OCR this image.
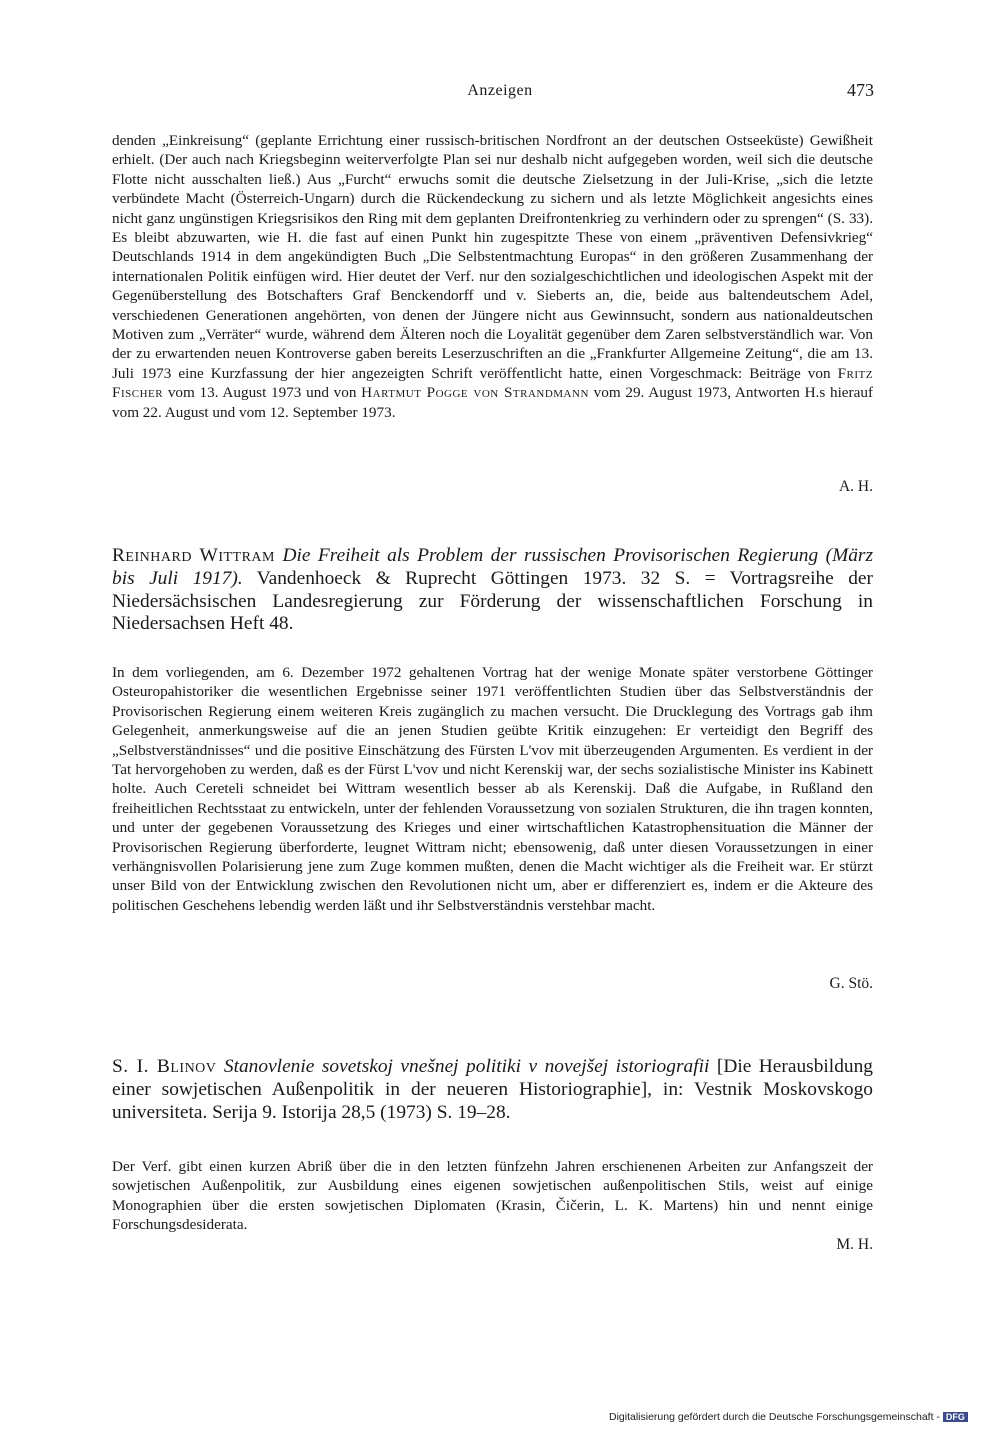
Anzeigen	473

denden „Einkreisung“ (geplante Errichtung einer russisch-britischen Nordfront an der deutschen Ostseeküste) Gewißheit erhielt. (Der auch nach Kriegsbeginn weiterverfolgte Plan sei nur deshalb nicht aufgegeben worden, weil sich die deutsche Flotte nicht ausschalten ließ.) Aus „Furcht“ erwuchs somit die deutsche Zielsetzung in der Juli-Krise, „sich die letzte verbündete Macht (Österreich-Ungarn) durch die Rückendeckung zu sichern und als letzte Möglichkeit angesichts eines nicht ganz ungünstigen Kriegsrisikos den Ring mit dem geplanten Dreifrontenkrieg zu verhindern oder zu sprengen“ (S. 33). Es bleibt abzuwarten, wie H. die fast auf einen Punkt hin zugespitzte These von einem „präventiven Defensivkrieg“ Deutschlands 1914 in dem angekündigten Buch „Die Selbstentmachtung Europas“ in den größeren Zusammenhang der internationalen Politik einfügen wird. Hier deutet der Verf. nur den sozialgeschichtlichen und ideologischen Aspekt mit der Gegenüberstellung des Botschafters Graf Benckendorff und v. Sieberts an, die, beide aus baltendeutschem Adel, verschiedenen Generationen angehörten, von denen der Jüngere nicht aus Gewinnsucht, sondern aus nationaldeutschen Motiven zum „Verräter“ wurde, während dem Älteren noch die Loyalität gegenüber dem Zaren selbstverständlich war. Von der zu erwartenden neuen Kontroverse gaben bereits Leserzuschriften an die „Frankfurter Allgemeine Zeitung“, die am 13. Juli 1973 eine Kurzfassung der hier angezeigten Schrift veröffentlicht hatte, einen Vorgeschmack: Beiträge von Fritz Fischer vom 13. August 1973 und von Hartmut Pogge von Strandmann vom 29. August 1973, Antworten H.s hierauf vom 22. August und vom 12. September 1973.

A. H.

Reinhard Wittram Die Freiheit als Problem der russischen Provisorischen Regierung (März bis Juli 1917). Vandenhoeck & Ruprecht Göttingen 1973. 32 S. = Vortragsreihe der Niedersächsischen Landesregierung zur Förderung der wissenschaftlichen Forschung in Niedersachsen Heft 48.

In dem vorliegenden, am 6. Dezember 1972 gehaltenen Vortrag hat der wenige Monate später verstorbene Göttinger Osteuropahistoriker die wesentlichen Ergebnisse seiner 1971 veröffentlichten Studien über das Selbstverständnis der Provisorischen Regierung einem weiteren Kreis zugänglich zu machen versucht. Die Drucklegung des Vortrags gab ihm Gelegenheit, anmerkungsweise auf die an jenen Studien geübte Kritik einzugehen: Er verteidigt den Begriff des „Selbstverständnisses“ und die positive Einschätzung des Fürsten L'vov mit überzeugenden Argumenten. Es verdient in der Tat hervorgehoben zu werden, daß es der Fürst L'vov und nicht Kerenskij war, der sechs sozialistische Minister ins Kabinett holte. Auch Cereteli schneidet bei Wittram wesentlich besser ab als Kerenskij. Daß die Aufgabe, in Rußland den freiheitlichen Rechtsstaat zu entwickeln, unter der fehlenden Voraussetzung von sozialen Strukturen, die ihn tragen konnten, und unter der gegebenen Voraussetzung des Krieges und einer wirtschaftlichen Katastrophensituation die Männer der Provisorischen Regierung überforderte, leugnet Wittram nicht; ebensowenig, daß unter diesen Voraussetzungen in einer verhängnisvollen Polarisierung jene zum Zuge kommen mußten, denen die Macht wichtiger als die Freiheit war. Er stürzt unser Bild von der Entwicklung zwischen den Revolutionen nicht um, aber er differenziert es, indem er die Akteure des politischen Geschehens lebendig werden läßt und ihr Selbstverständnis verstehbar macht.

G. Stö.

S. I. Blinov Stanovlenie sovetskoj vnešnej politiki v novejšej istoriografii [Die Herausbildung einer sowjetischen Außenpolitik in der neueren Historiographie], in: Vestnik Moskovskogo universiteta. Serija 9. Istorija 28,5 (1973) S. 19–28.

Der Verf. gibt einen kurzen Abriß über die in den letzten fünfzehn Jahren erschienenen Arbeiten zur Anfangszeit der sowjetischen Außenpolitik, zur Ausbildung eines eigenen sowjetischen außenpolitischen Stils, weist auf einige Monographien über die ersten sowjetischen Diplomaten (Krasin, Čičerin, L. K. Martens) hin und nennt einige Forschungsdesiderata.

M. H.
Digitalisierung gefördert durch die Deutsche Forschungsgemeinschaft - DFG
